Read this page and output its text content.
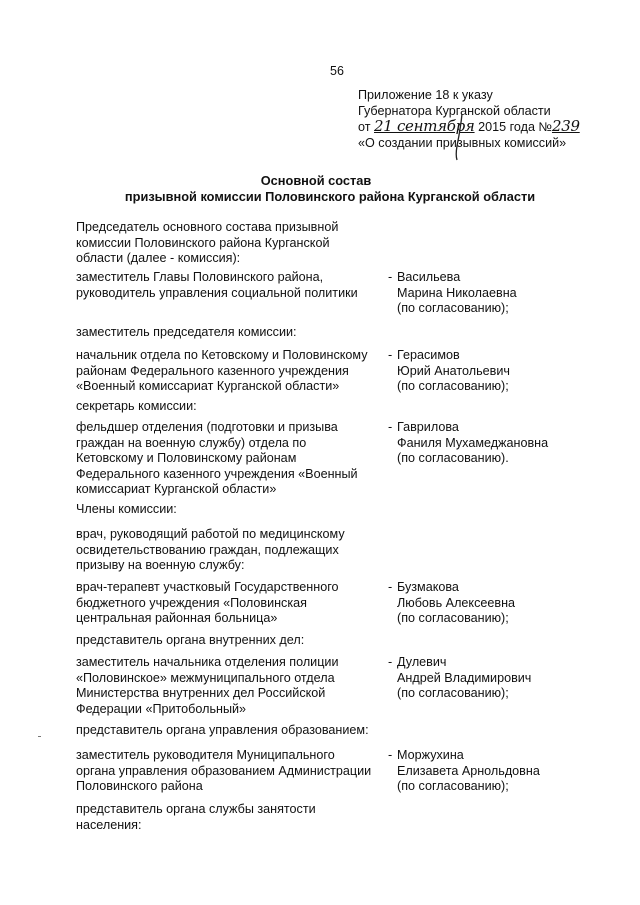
56
Приложение 18 к указу
Губернатора Курганской области
от 21 сентября 2015 года №239
«О создании призывных комиссий»
Основной состав
призывной комиссии Половинского района Курганской области
Председатель основного состава призывной
комиссии Половинского района Курганской
области (далее - комиссия):
заместитель Главы Половинского района,
руководитель управления социальной политики
- Васильева
Марина Николаевна
(по согласованию);
заместитель председателя комиссии:
начальник отдела по Кетовскому и Половинскому
районам Федерального казенного учреждения
«Военный комиссариат Курганской области»
- Герасимов
Юрий Анатольевич
(по согласованию);
секретарь комиссии:
фельдшер отделения (подготовки и призыва
граждан на военную службу) отдела по
Кетовскому и Половинскому районам
Федерального казенного учреждения «Военный
комиссариат Курганской области»
- Гаврилова
Фаниля Мухамеджановна
(по согласованию).
Члены комиссии:
врач, руководящий работой по медицинскому
освидетельствованию граждан, подлежащих
призыву на военную службу:
врач-терапевт участковый Государственного
бюджетного учреждения «Половинская
центральная районная больница»
- Бузмакова
Любовь Алексеевна
(по согласованию);
представитель органа внутренних дел:
заместитель начальника отделения полиции
«Половинское» межмуниципального отдела
Министерства внутренних дел Российской
Федерации «Притобольный»
- Дулевич
Андрей Владимирович
(по согласованию);
представитель органа управления образованием:
заместитель руководителя Муниципального
органа управления образованием Администрации
Половинского района
- Моржухина
Елизавета Арнольдовна
(по согласованию);
представитель органа службы занятости
населения:
